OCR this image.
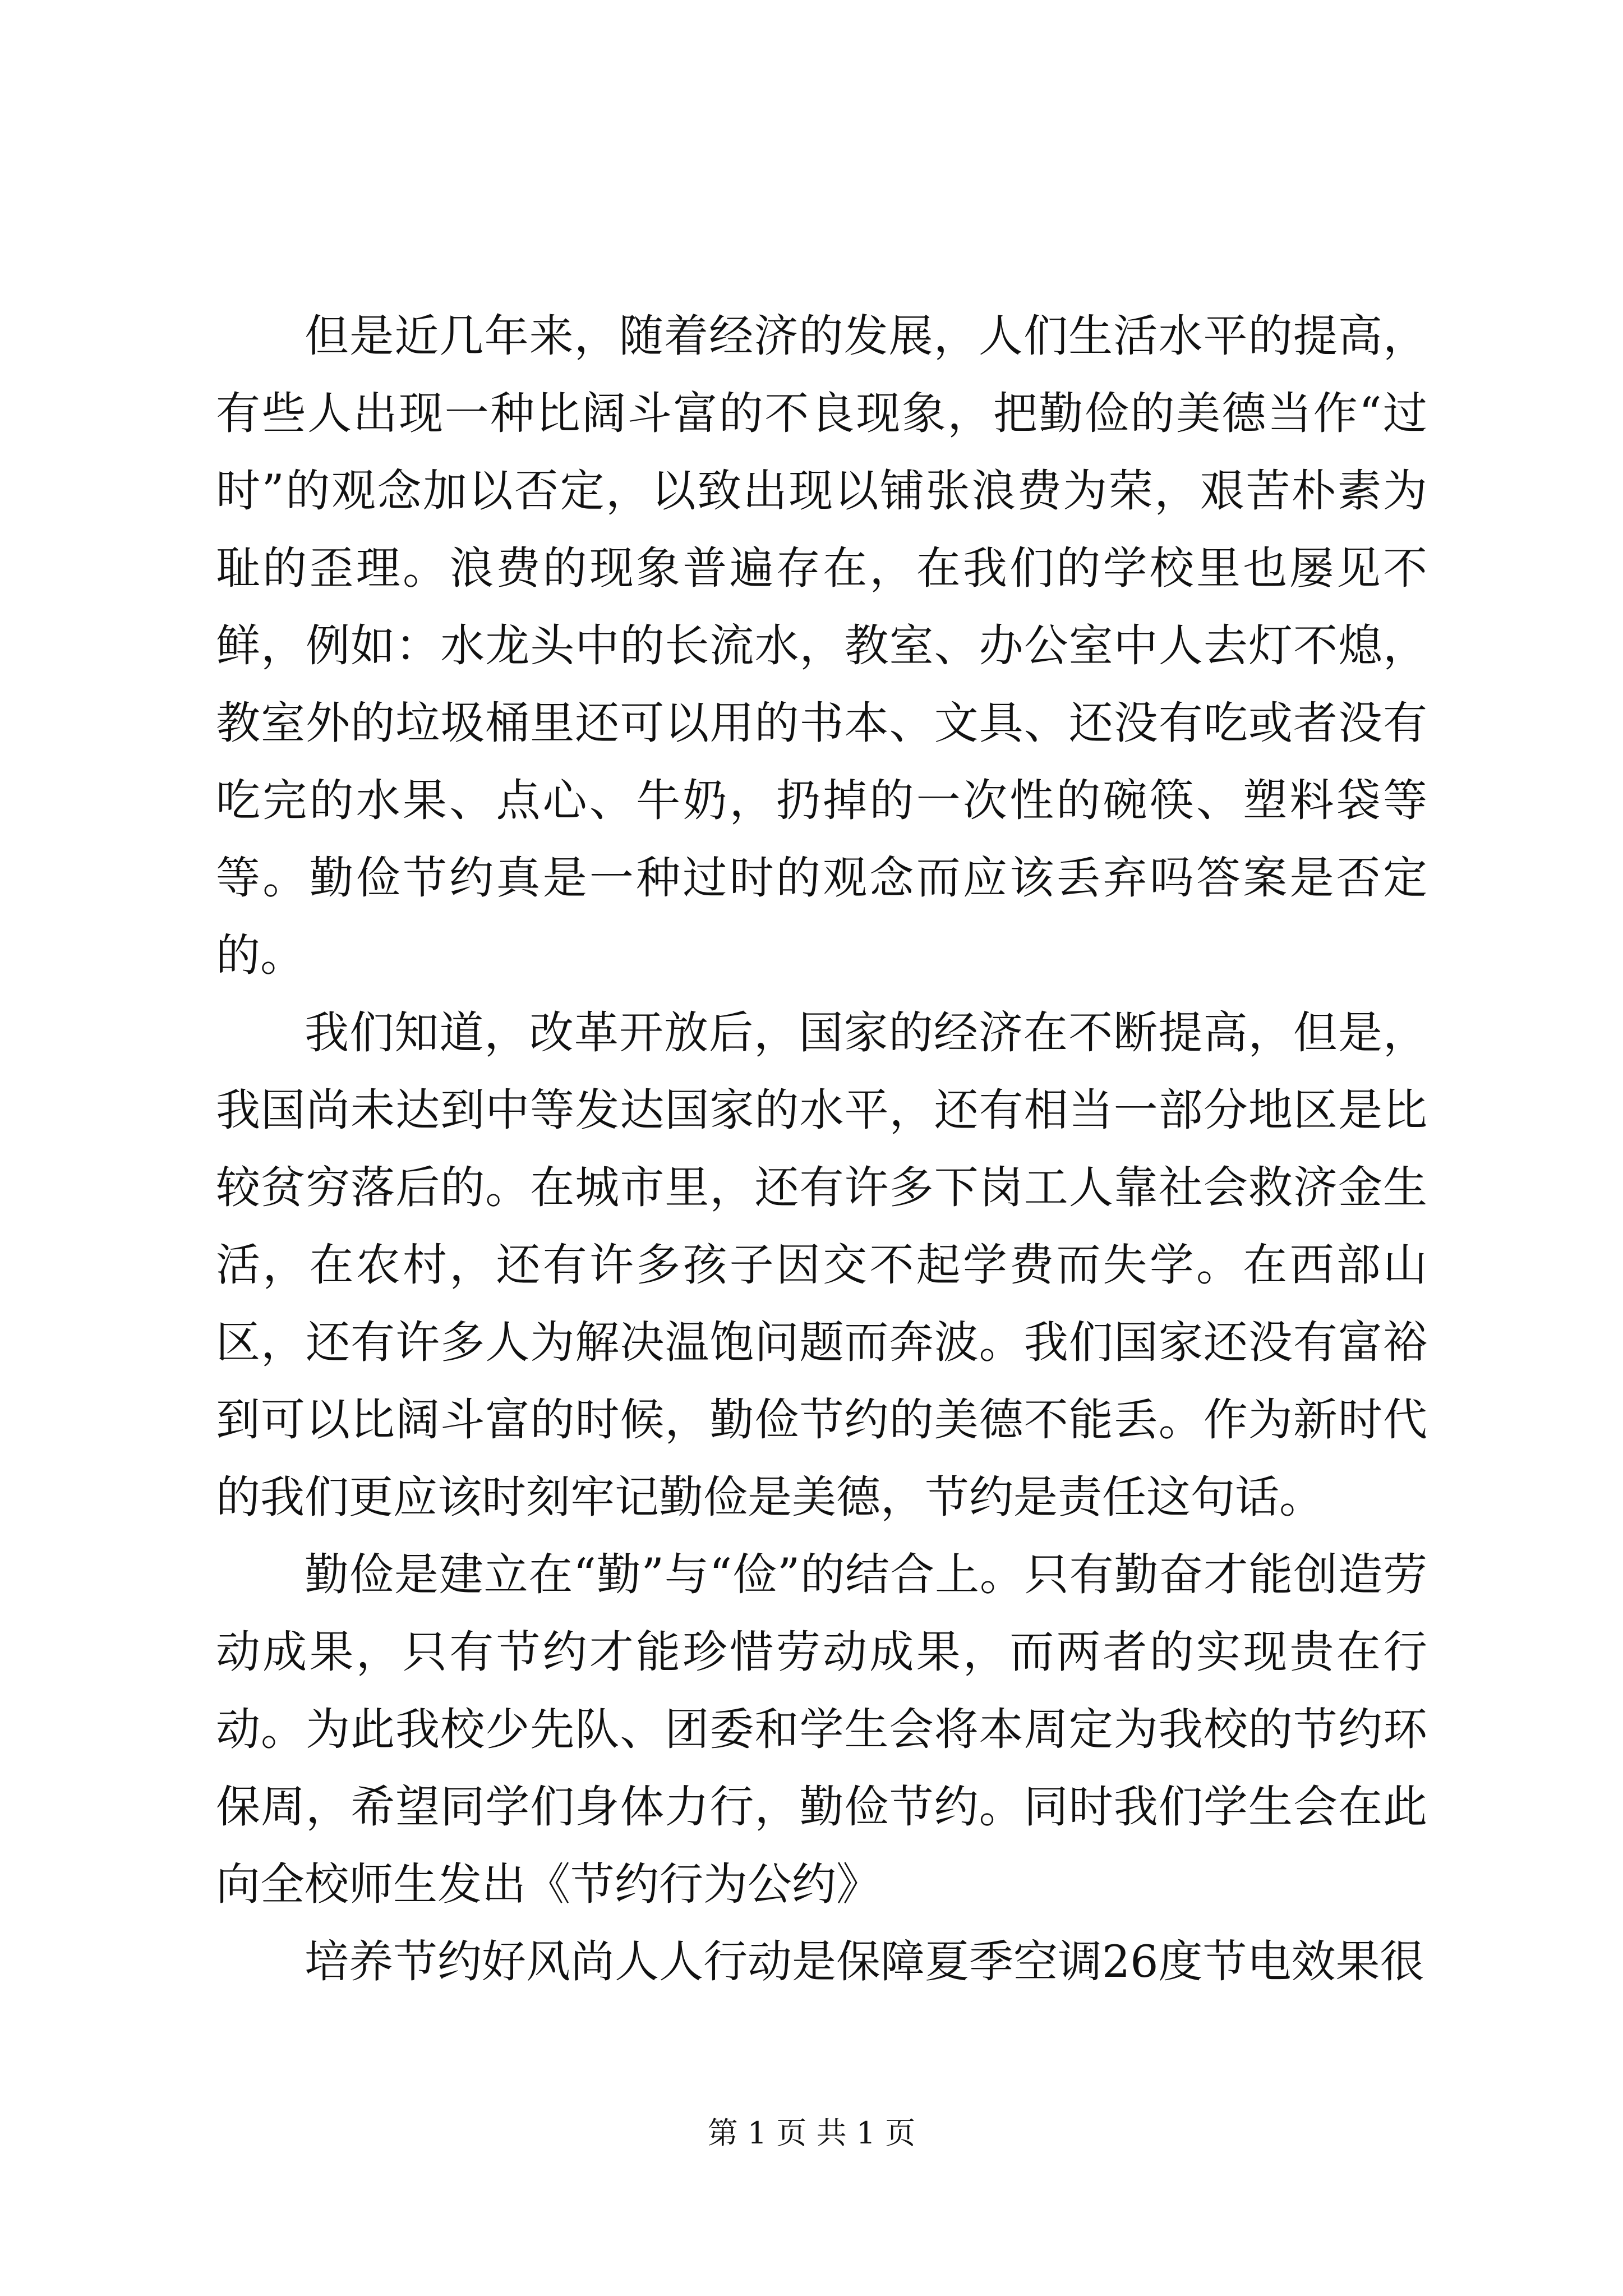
但是近几年来，随着经济的发展，人们生活水平的提高，有些人出现一种比阔斗富的不良现象，把勤俭的美德当作“过时”的观念加以否定，以致出现以铺张浪费为荣，艰苦朴素为耻的歪理。浪费的现象普遍存在，在我们的学校里也屡见不鲜，例如：水龙头中的长流水，教室、办公室中人去灯不熄，教室外的垃圾桶里还可以用的书本、文具、还没有吃或者没有吃完的水果、点心、牛奶，扔掉的一次性的碗筷、塑料袋等等。勤俭节约真是一种过时的观念而应该丢弃吗答案是否定的。

我们知道，改革开放后，国家的经济在不断提高，但是，我国尚未达到中等发达国家的水平，还有相当一部分地区是比较贫穷落后的。在城市里，还有许多下岗工人靠社会救济金生活，在农村，还有许多孩子因交不起学费而失学。在西部山区，还有许多人为解决温饱问题而奔波。我们国家还没有富裕到可以比阔斗富的时候，勤俭节约的美德不能丢。作为新时代的我们更应该时刻牢记勤俭是美德，节约是责任这句话。

勤俭是建立在“勤”与“俭”的结合上。只有勤奋才能创造劳动成果，只有节约才能珍惜劳动成果，而两者的实现贵在行动。为此我校少先队、团委和学生会将本周定为我校的节约环保周，希望同学们身体力行，勤俭节约。同时我们学生会在此向全校师生发出《节约行为公约》

培养节约好风尚人人行动是保障夏季空调26度节电效果很

第 1 页 共 1 页
